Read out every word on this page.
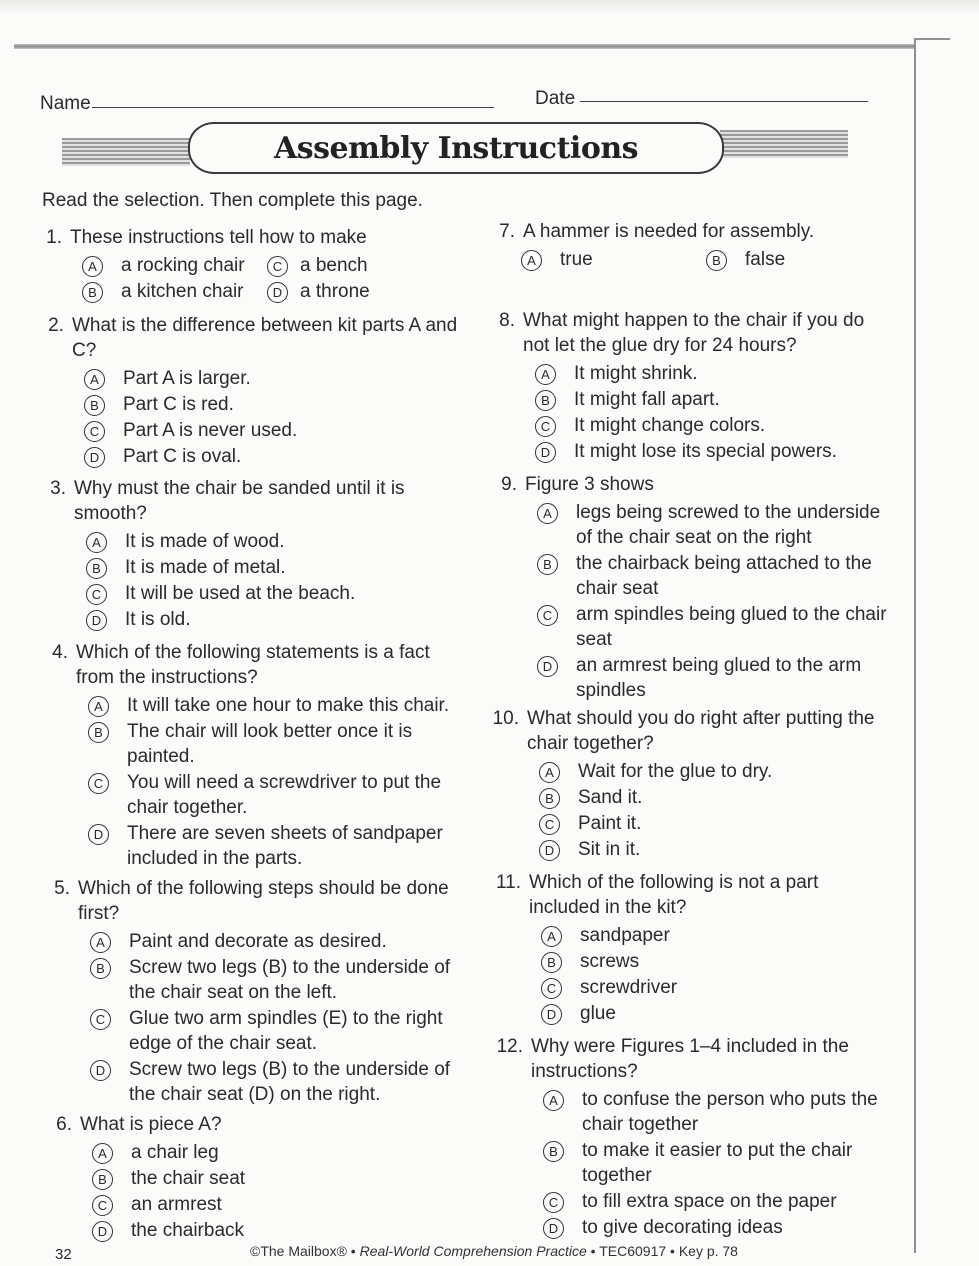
Name	Date
Assembly Instructions
Read the selection. Then complete this page.
1. These instructions tell how to make
A	a rocking chair	C a bench
B	a kitchen chair	D a throne
7. A hammer is needed for assembly.
A	true	B	false
2. What is the difference between kit parts A and C?
A	Part A is larger.
B	Part C is red.
C	Part A is never used.
D	Part C is oval.
3. Why must the chair be sanded until it is smooth?
A	It is made of wood.
B	It is made of metal.
C	It will be used at the beach.
D	It is old.
4. Which of the following statements is a fact from the instructions?
A	It will take one hour to make this chair.
B	The chair will look better once it is painted.
C	You will need a screwdriver to put the chair together.
D	There are seven sheets of sandpaper included in the parts.
5. Which of the following steps should be done first?
A	Paint and decorate as desired.
B	Screw two legs (B) to the underside of the chair seat on the left.
C	Glue two arm spindles (E) to the right edge of the chair seat.
D	Screw two legs (B) to the underside of the chair seat (D) on the right.
6. What is piece A?
A	a chair leg
B	the chair seat
C	an armrest
D	the chairback
8. What might happen to the chair if you do not let the glue dry for 24 hours?
A	It might shrink.
B	It might fall apart.
C	It might change colors.
D	It might lose its special powers.
9. Figure 3 shows
A	legs being screwed to the underside of the chair seat on the right
B	the chairback being attached to the chair seat
C	arm spindles being glued to the chair seat
D	an armrest being glued to the arm spindles
10. What should you do right after putting the chair together?
A	Wait for the glue to dry.
B	Sand it.
C	Paint it.
D	Sit in it.
11. Which of the following is not a part included in the kit?
A	sandpaper
B	screws
C	screwdriver
D	glue
12. Why were Figures 1–4 included in the instructions?
A	to confuse the person who puts the chair together
B	to make it easier to put the chair together
C	to fill extra space on the paper
D	to give decorating ideas
32	©The Mailbox® • Real-World Comprehension Practice • TEC60917 • Key p. 78
